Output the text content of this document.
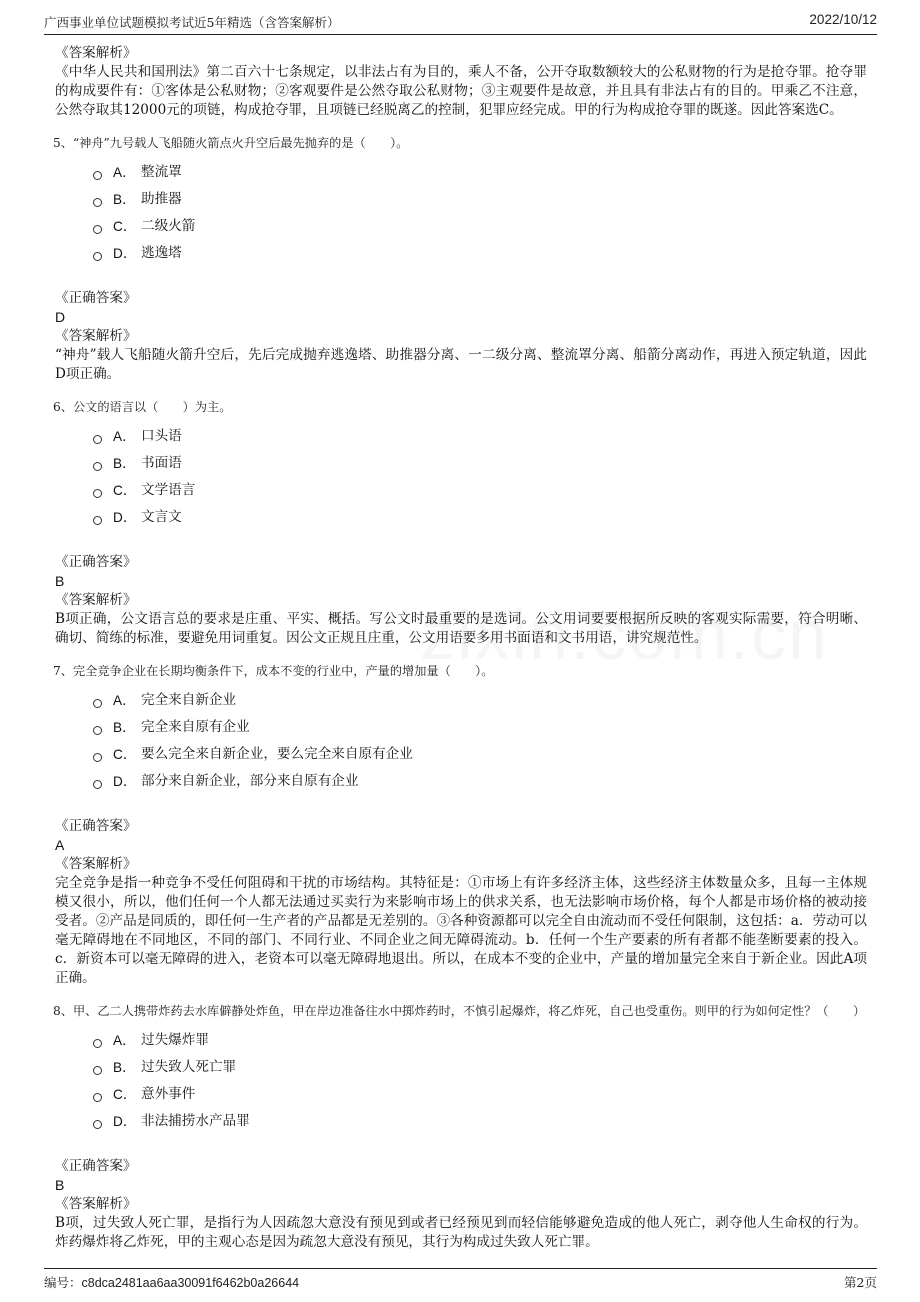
广西事业单位试题模拟考试近5年精选（含答案解析）	2022/10/12

《答案解析》

《中华人民共和国刑法》第二百六十七条规定，以非法占有为目的，乘人不备，公开夺取数额较大的公私财物的行为是抢夺罪。抢夺罪的构成要件有：①客体是公私财物；②客观要件是公然夺取公私财物；③主观要件是故意，并且具有非法占有的目的。甲乘乙不注意，公然夺取其12000元的项链，构成抢夺罪，且项链已经脱离乙的控制，犯罪应经完成。甲的行为构成抢夺罪的既遂。因此答案选C。

5、“神舟”九号载人飞船随火箭点火升空后最先抛弃的是（　　）。

A． 整流罩
B． 助推器
C． 二级火箭
D． 逃逸塔

《正确答案》

D

《答案解析》

“神舟”载人飞船随火箭升空后，先后完成抛弃逃逸塔、助推器分离、一二级分离、整流罩分离、船箭分离动作，再进入预定轨道，因此D项正确。

6、公文的语言以（　　）为主。

A． 口头语
B． 书面语
C． 文学语言
D． 文言文

《正确答案》

B

《答案解析》

B项正确，公文语言总的要求是庄重、平实、概括。写公文时最重要的是选词。公文用词要要根据所反映的客观实际需要，符合明晰、确切、简练的标准，要避免用词重复。因公文正规且庄重，公文用语要多用书面语和文书用语，讲究规范性。

7、完全竞争企业在长期均衡条件下，成本不变的行业中，产量的增加量（　　）。

A． 完全来自新企业
B． 完全来自原有企业
C． 要么完全来自新企业，要么完全来自原有企业
D． 部分来自新企业，部分来自原有企业

《正确答案》

A

《答案解析》

完全竞争是指一种竞争不受任何阻碍和干扰的市场结构。其特征是：①市场上有许多经济主体，这些经济主体数量众多，且每一主体规模又很小，所以，他们任何一个人都无法通过买卖行为来影响市场上的供求关系，也无法影响市场价格，每个人都是市场价格的被动接受者。②产品是同质的，即任何一生产者的产品都是无差别的。③各种资源都可以完全自由流动而不受任何限制，这包括：a．劳动可以毫无障碍地在不同地区，不同的部门、不同行业、不同企业之间无障碍流动。b．任何一个生产要素的所有者都不能垄断要素的投入。c．新资本可以毫无障碍的进入，老资本可以毫无障碍地退出。所以，在成本不变的企业中，产量的增加量完全来自于新企业。因此A项正确。

8、甲、乙二人携带炸药去水库僻静处炸鱼，甲在岸边准备往水中掷炸药时，不慎引起爆炸，将乙炸死，自己也受重伤。则甲的行为如何定性？（　　）

A． 过失爆炸罪
B． 过失致人死亡罪
C． 意外事件
D． 非法捕捞水产品罪

《正确答案》

B

《答案解析》

B项，过失致人死亡罪，是指行为人因疏忽大意没有预见到或者已经预见到而轻信能够避免造成的他人死亡，剥夺他人生命权的行为。炸药爆炸将乙炸死，甲的主观心态是因为疏忽大意没有预见，其行为构成过失致人死亡罪。

编号：c8dca2481aa6aa30091f6462b0a26644	第2页
